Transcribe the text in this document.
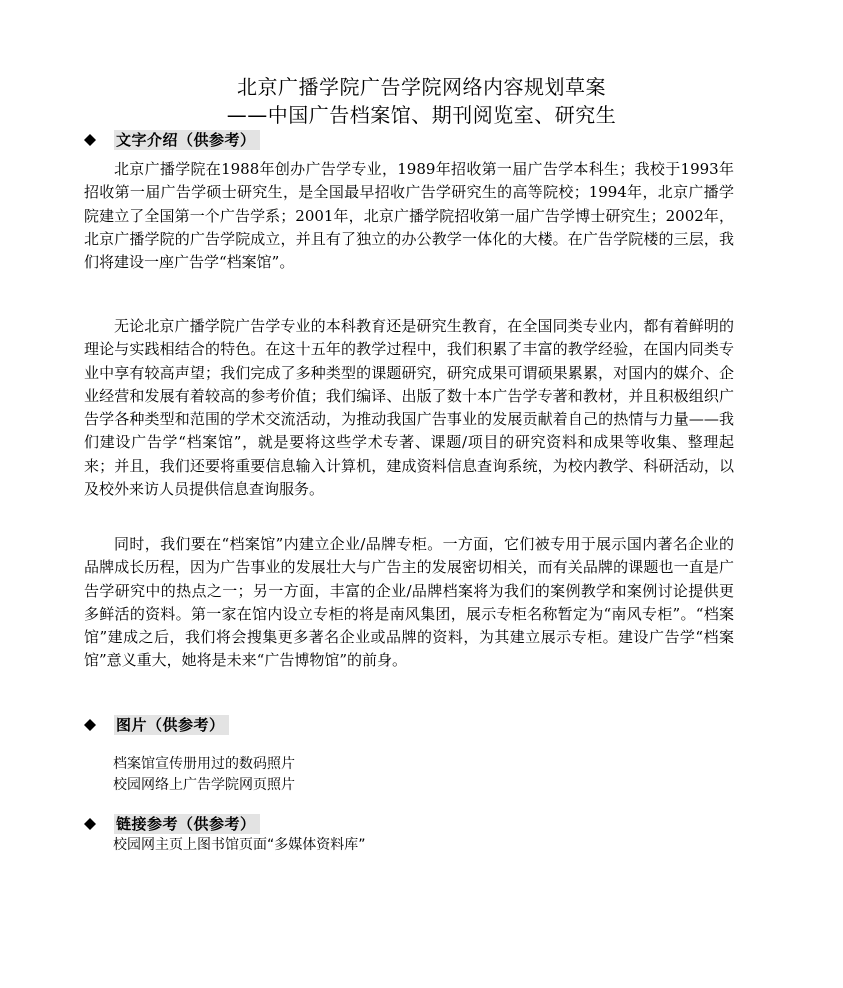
北京广播学院广告学院网络内容规划草案
——中国广告档案馆、期刊阅览室、研究生
文字介绍（供参考）

北京广播学院在1988年创办广告学专业，1989年招收第一届广告学本科生；我校于1993年招收第一届广告学硕士研究生，是全国最早招收广告学研究生的高等院校；1994年，北京广播学院建立了全国第一个广告学系；2001年，北京广播学院招收第一届广告学博士研究生；2002年，北京广播学院的广告学院成立，并且有了独立的办公教学一体化的大楼。在广告学院楼的三层，我们将建设一座广告学“档案馆”。

无论北京广播学院广告学专业的本科教育还是研究生教育，在全国同类专业内，都有着鲜明的理论与实践相结合的特色。在这十五年的教学过程中，我们积累了丰富的教学经验，在国内同类专业中享有较高声望；我们完成了多种类型的课题研究，研究成果可谓硕果累累，对国内的媒介、企业经营和发展有着较高的参考价值；我们编译、出版了数十本广告学专著和教材，并且积极组织广告学各种类型和范围的学术交流活动，为推动我国广告事业的发展贡献着自己的热情与力量——我们建设广告学“档案馆”，就是要将这些学术专著、课题/项目的研究资料和成果等收集、整理起来；并且，我们还要将重要信息输入计算机，建成资料信息查询系统，为校内教学、科研活动，以及校外来访人员提供信息查询服务。

同时，我们要在“档案馆”内建立企业/品牌专柜。一方面，它们被专用于展示国内著名企业的品牌成长历程，因为广告事业的发展壮大与广告主的发展密切相关，而有关品牌的课题也一直是广告学研究中的热点之一；另一方面，丰富的企业/品牌档案将为我们的案例教学和案例讨论提供更多鲜活的资料。第一家在馆内设立专柜的将是南风集团，展示专柜名称暂定为“南风专柜”。“档案馆”建成之后，我们将会搜集更多著名企业或品牌的资料，为其建立展示专柜。建设广告学“档案馆”意义重大，她将是未来“广告博物馆”的前身。

图片（供参考）
档案馆宣传册用过的数码照片
校园网络上广告学院网页照片
链接参考（供参考）
校园网主页上图书馆页面“多媒体资料库”
